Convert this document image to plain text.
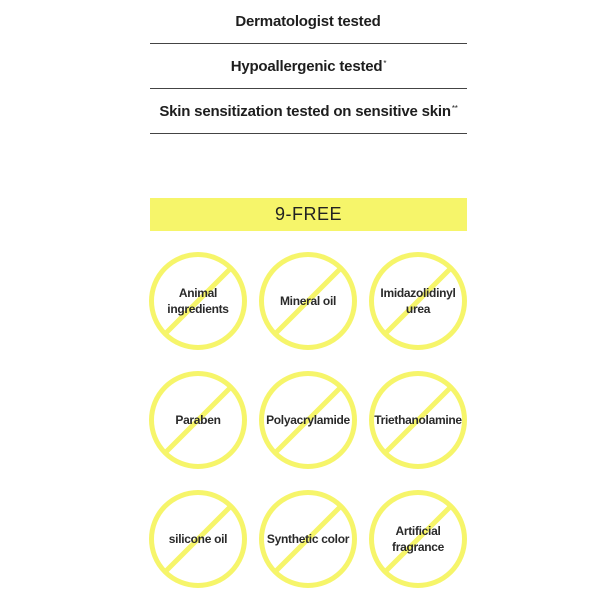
Dermatologist tested
Hypoallergenic tested*
Skin sensitization tested on sensitive skin**
9-FREE
Animal
ingredients
Mineral oil
Imidazolidinyl
urea
Paraben	Polyacrylamide	Triethanolamine
silicone oil	Synthetic color
Artificial
fragrance
